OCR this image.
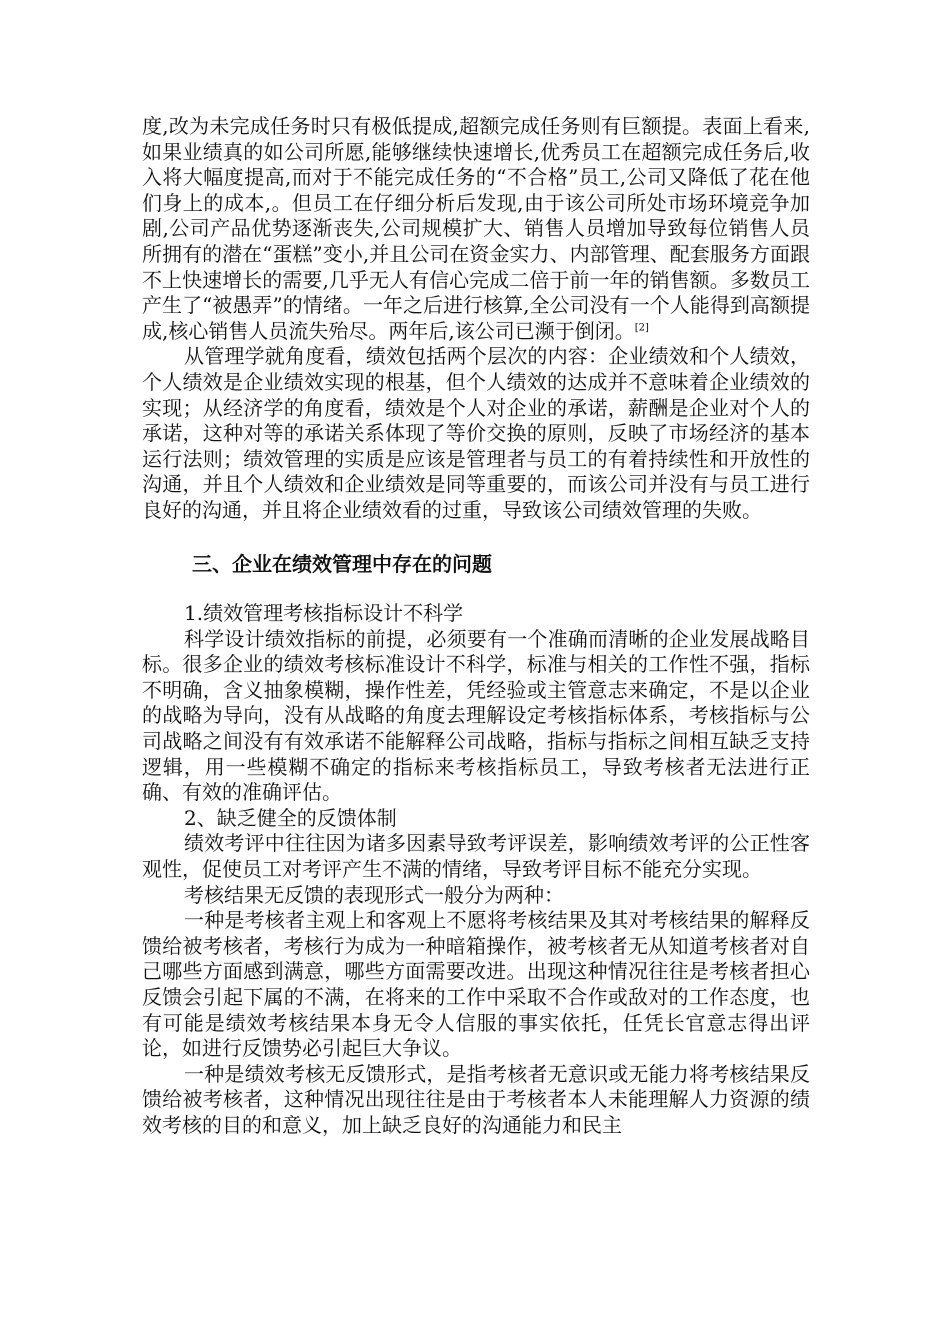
度,改为未完成任务时只有极低提成,超额完成任务则有巨额提。表面上看来,如果业绩真的如公司所愿,能够继续快速增长,优秀员工在超额完成任务后,收入将大幅度提高,而对于不能完成任务的“不合格”员工,公司又降低了花在他们身上的成本,。但员工在仔细分析后发现,由于该公司所处市场环境竞争加剧,公司产品优势逐渐丧失,公司规模扩大、销售人员增加导致每位销售人员所拥有的潜在“蛋糕”变小,并且公司在资金实力、内部管理、配套服务方面跟不上快速增长的需要,几乎无人有信心完成二倍于前一年的销售额。多数员工产生了“被愚弄”的情绪。一年之后进行核算,全公司没有一个人能得到高额提成,核心销售人员流失殆尽。两年后,该公司已濒于倒闭。[2]

从管理学就角度看，绩效包括两个层次的内容：企业绩效和个人绩效，个人绩效是企业绩效实现的根基，但个人绩效的达成并不意味着企业绩效的实现；从经济学的角度看，绩效是个人对企业的承诺，薪酬是企业对个人的承诺，这种对等的承诺关系体现了等价交换的原则，反映了市场经济的基本运行法则；绩效管理的实质是应该是管理者与员工的有着持续性和开放性的沟通，并且个人绩效和企业绩效是同等重要的，而该公司并没有与员工进行良好的沟通，并且将企业绩效看的过重，导致该公司绩效管理的失败。

三、企业在绩效管理中存在的问题

1.绩效管理考核指标设计不科学

科学设计绩效指标的前提，必须要有一个准确而清晰的企业发展战略目标。很多企业的绩效考核标准设计不科学，标准与相关的工作性不强，指标不明确，含义抽象模糊，操作性差，凭经验或主管意志来确定，不是以企业的战略为导向，没有从战略的角度去理解设定考核指标体系，考核指标与公司战略之间没有有效承诺不能解释公司战略，指标与指标之间相互缺乏支持逻辑，用一些模糊不确定的指标来考核指标员工，导致考核者无法进行正确、有效的准确评估。

2、缺乏健全的反馈体制

绩效考评中往往因为诸多因素导致考评误差，影响绩效考评的公正性客观性，促使员工对考评产生不满的情绪，导致考评目标不能充分实现。

考核结果无反馈的表现形式一般分为两种：

一种是考核者主观上和客观上不愿将考核结果及其对考核结果的解释反馈给被考核者，考核行为成为一种暗箱操作，被考核者无从知道考核者对自己哪些方面感到满意，哪些方面需要改进。出现这种情况往往是考核者担心反馈会引起下属的不满，在将来的工作中采取不合作或敌对的工作态度，也有可能是绩效考核结果本身无令人信服的事实依托，任凭长官意志得出评论，如进行反馈势必引起巨大争议。

一种是绩效考核无反馈形式，是指考核者无意识或无能力将考核结果反馈给被考核者，这种情况出现往往是由于考核者本人未能理解人力资源的绩效考核的目的和意义，加上缺乏良好的沟通能力和民主
